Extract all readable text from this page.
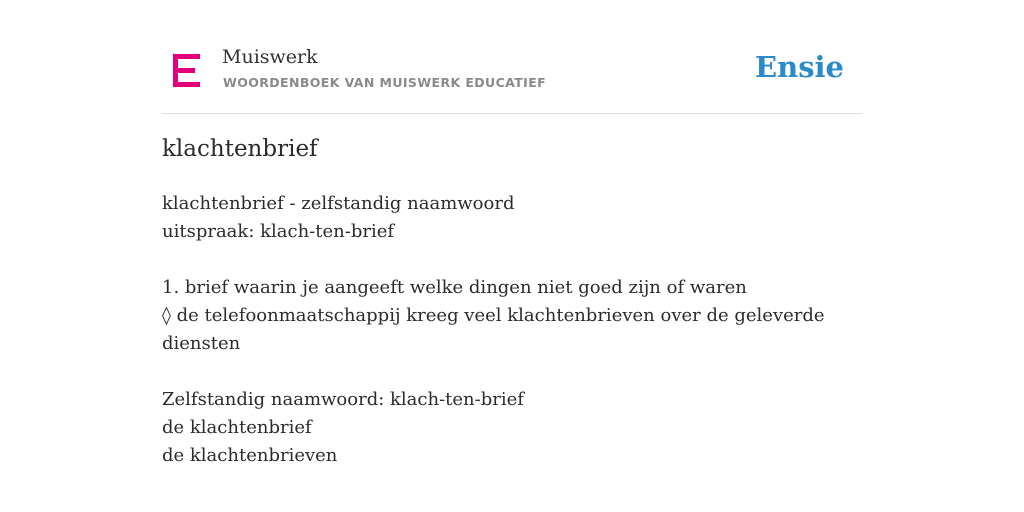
Muiswerk
WOORDENBOEK VAN MUISWERK EDUCATIEF	Ensie
klachtenbrief
klachtenbrief - zelfstandig naamwoord
uitspraak: klach-ten-brief
1. brief waarin je aangeeft welke dingen niet goed zijn of waren
◊ de telefoonmaatschappij kreeg veel klachtenbrieven over de geleverde diensten
Zelfstandig naamwoord: klach-ten-brief
de klachtenbrief
de klachtenbrieven
